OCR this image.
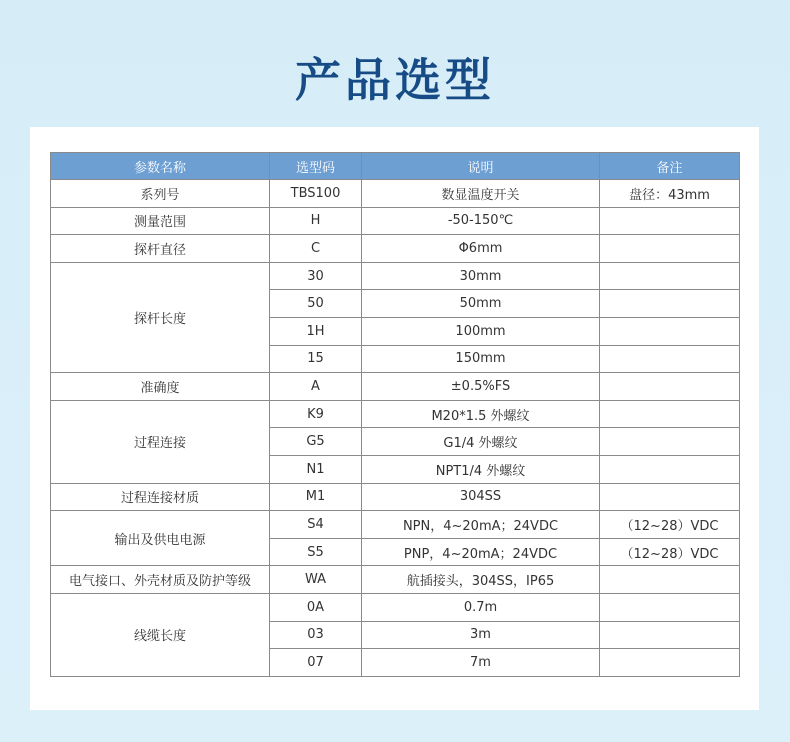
产品选型
参数名称	选型码	说明	备注
系列号	TBS100	数显温度开关	盘径：43mm
测量范围	H	-50-150℃	
探杆直径	C	Φ6mm	
探杆长度	30	30mm	
	50	50mm	
	1H	100mm	
	15	150mm	
准确度	A	±0.5%FS	
过程连接	K9	M20*1.5 外螺纹	
	G5	G1/4 外螺纹	
	N1	NPT1/4 外螺纹	
过程连接材质	M1	304SS	
输出及供电电源	S4	NPN，4~20mA；24VDC	（12~28）VDC
	S5	PNP，4~20mA；24VDC	（12~28）VDC
电气接口、外壳材质及防护等级	WA	航插接头，304SS，IP65	
线缆长度	0A	0.7m	
	03	3m	
	07	7m	
